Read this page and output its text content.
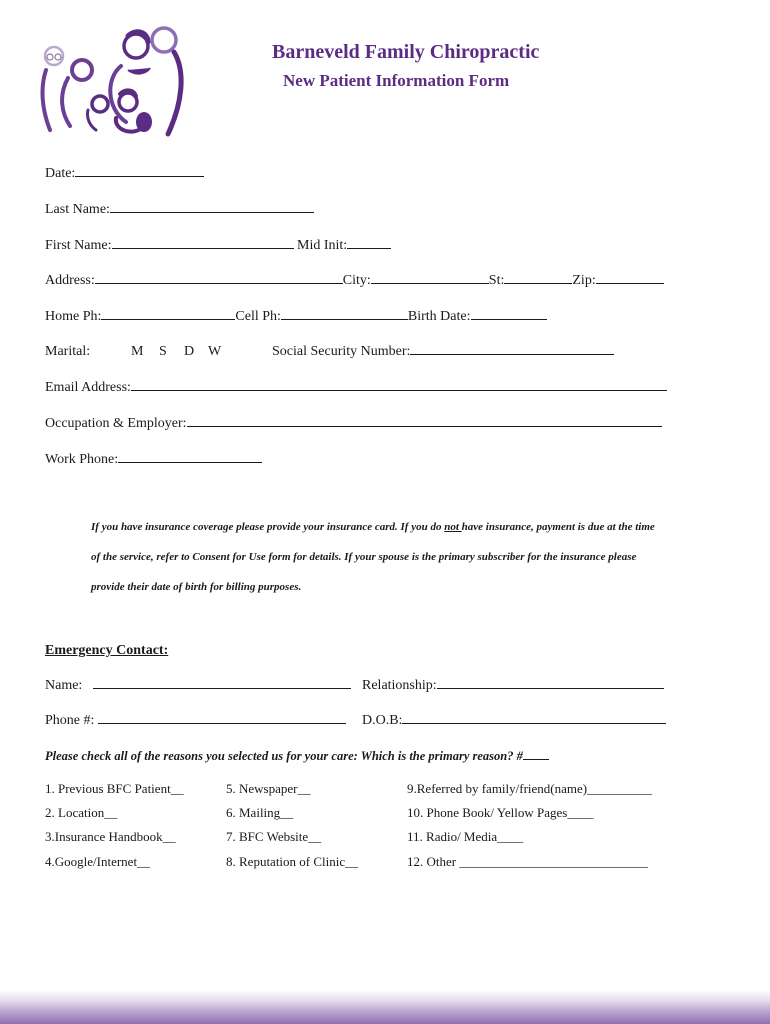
Barneveld Family Chiropractic
New Patient Information Form
Date:
Last Name:
First Name:	Mid Init:
Address:	City:	St:	Zip:
Home Ph:	Cell Ph:	Birth Date:
Marital:	M S D W	Social Security Number:
Email Address:
Occupation & Employer:
Work Phone:
If you have insurance coverage please provide your insurance card. If you do not have insurance, payment is due at the time
of the service, refer to Consent for Use form for details. If your spouse is the primary subscriber for the insurance please
provide their date of birth for billing purposes.
Emergency Contact:
Name:	Relationship:
Phone #:	D.O.B:
Please check all of the reasons you selected us for your care: Which is the primary reason? #
1. Previous BFC Patient__
2. Location__
3.Insurance Handbook__
4.Google/Internet__
5. Newspaper__
6. Mailing__
7. BFC Website__
8. Reputation of Clinic__
9.Referred by family/friend(name)__________
10. Phone Book/ Yellow Pages____
11. Radio/ Media____
12. Other _____________________________
